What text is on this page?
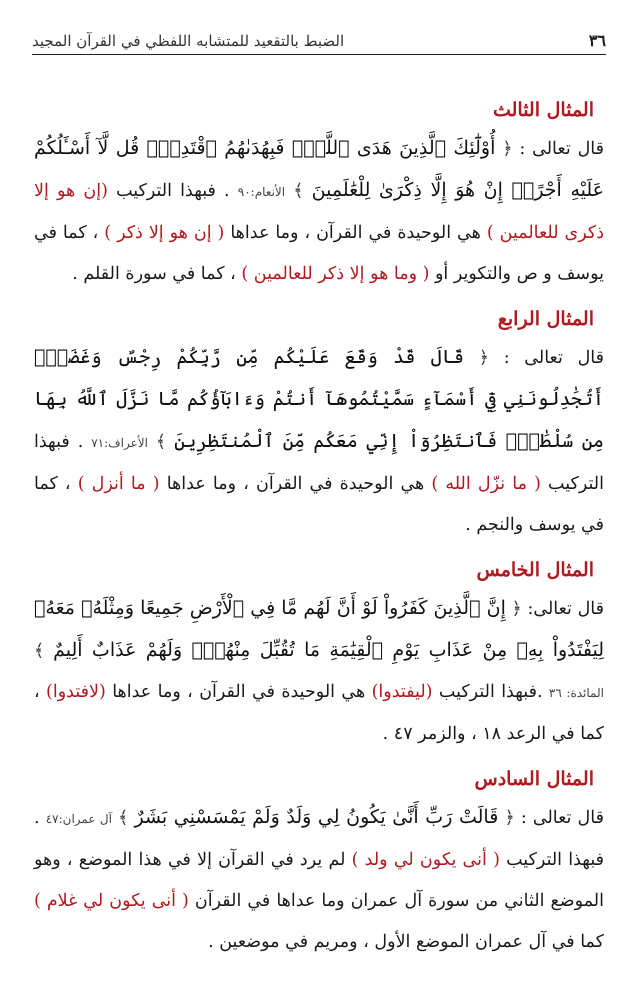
٣٦
الضبط بالتقعيد للمتشابه اللفظي في القرآن المجيد
المثال الثالث

قال تعالى : ﴿ أُوْلَٰٓئِكَ ٱلَّذِينَ هَدَى ٱللَّهُۖ فَبِهُدَىٰهُمُ ٱقْتَدِهْۗ قُل لَّآ أَسْـَٔلُكُمْ عَلَيْهِ أَجْرًاۖ إِنْ هُوَ إِلَّا ذِكْرَىٰ لِلْعَٰلَمِينَ ﴾ الأنعام:٩٠ . فبهذا التركيب (إن هو إلا ذكرى للعالمين ) هي الوحيدة في القرآن ، وما عداها ( إن هو إلا ذكر ) ، كما في يوسف و ص والتكوير أو ( وما هو إلا ذكر للعالمين ) ، كما في سورة القلم .

المثال الرابع

قال تعالى : ﴿ قَالَ قَدْ وَقَعَ عَلَيْكُم مِّن رَّبِّكُمْ رِجْسٌ وَغَضَبٌۖ أَتُجَٰدِلُونَنِي فِيٓ أَسْمَآءٍ سَمَّيْتُمُوهَآ أَنتُمْ وَءَابَآؤُكُم مَّا نَزَّلَ ٱللَّهُ بِهَا مِن سُلْطَٰنٍۚ فَٱنتَظِرُوٓاْ إِنِّي مَعَكُم مِّنَ ٱلْمُنتَظِرِينَ ﴾ الأعراف:٧١ . فبهذا التركيب ( ما نزّل الله ) هي الوحيدة في القرآن ، وما عداها ( ما أنزل ) ، كما في يوسف والنجم .

المثال الخامس

قال تعالى: ﴿ إِنَّ ٱلَّذِينَ كَفَرُواْ لَوْ أَنَّ لَهُم مَّا فِي ٱلْأَرْضِ جَمِيعًا وَمِثْلَهُۥ مَعَهُۥ لِيَفْتَدُواْ بِهِۦ مِنْ عَذَابِ يَوْمِ ٱلْقِيَٰمَةِ مَا تُقُبِّلَ مِنْهُمْۖ وَلَهُمْ عَذَابٌ أَلِيمٌ ﴾ المائدة: ٣٦ .فبهذا التركيب (ليفتدوا) هي الوحيدة في القرآن ، وما عداها (لافتدوا) ، كما في الرعد ١٨ ، والزمر ٤٧ .

المثال السادس

قال تعالى : ﴿ قَالَتْ رَبِّ أَنَّىٰ يَكُونُ لِي وَلَدٌ وَلَمْ يَمْسَسْنِي بَشَرٌ ﴾ آل عمران:٤٧ . فبهذا التركيب ( أنى يكون لي ولد ) لم يرد في القرآن إلا في هذا الموضع ، وهو الموضع الثاني من سورة آل عمران وما عداها في القرآن ( أنى يكون لي غلام ) كما في آل عمران الموضع الأول ، ومريم في موضعين .
